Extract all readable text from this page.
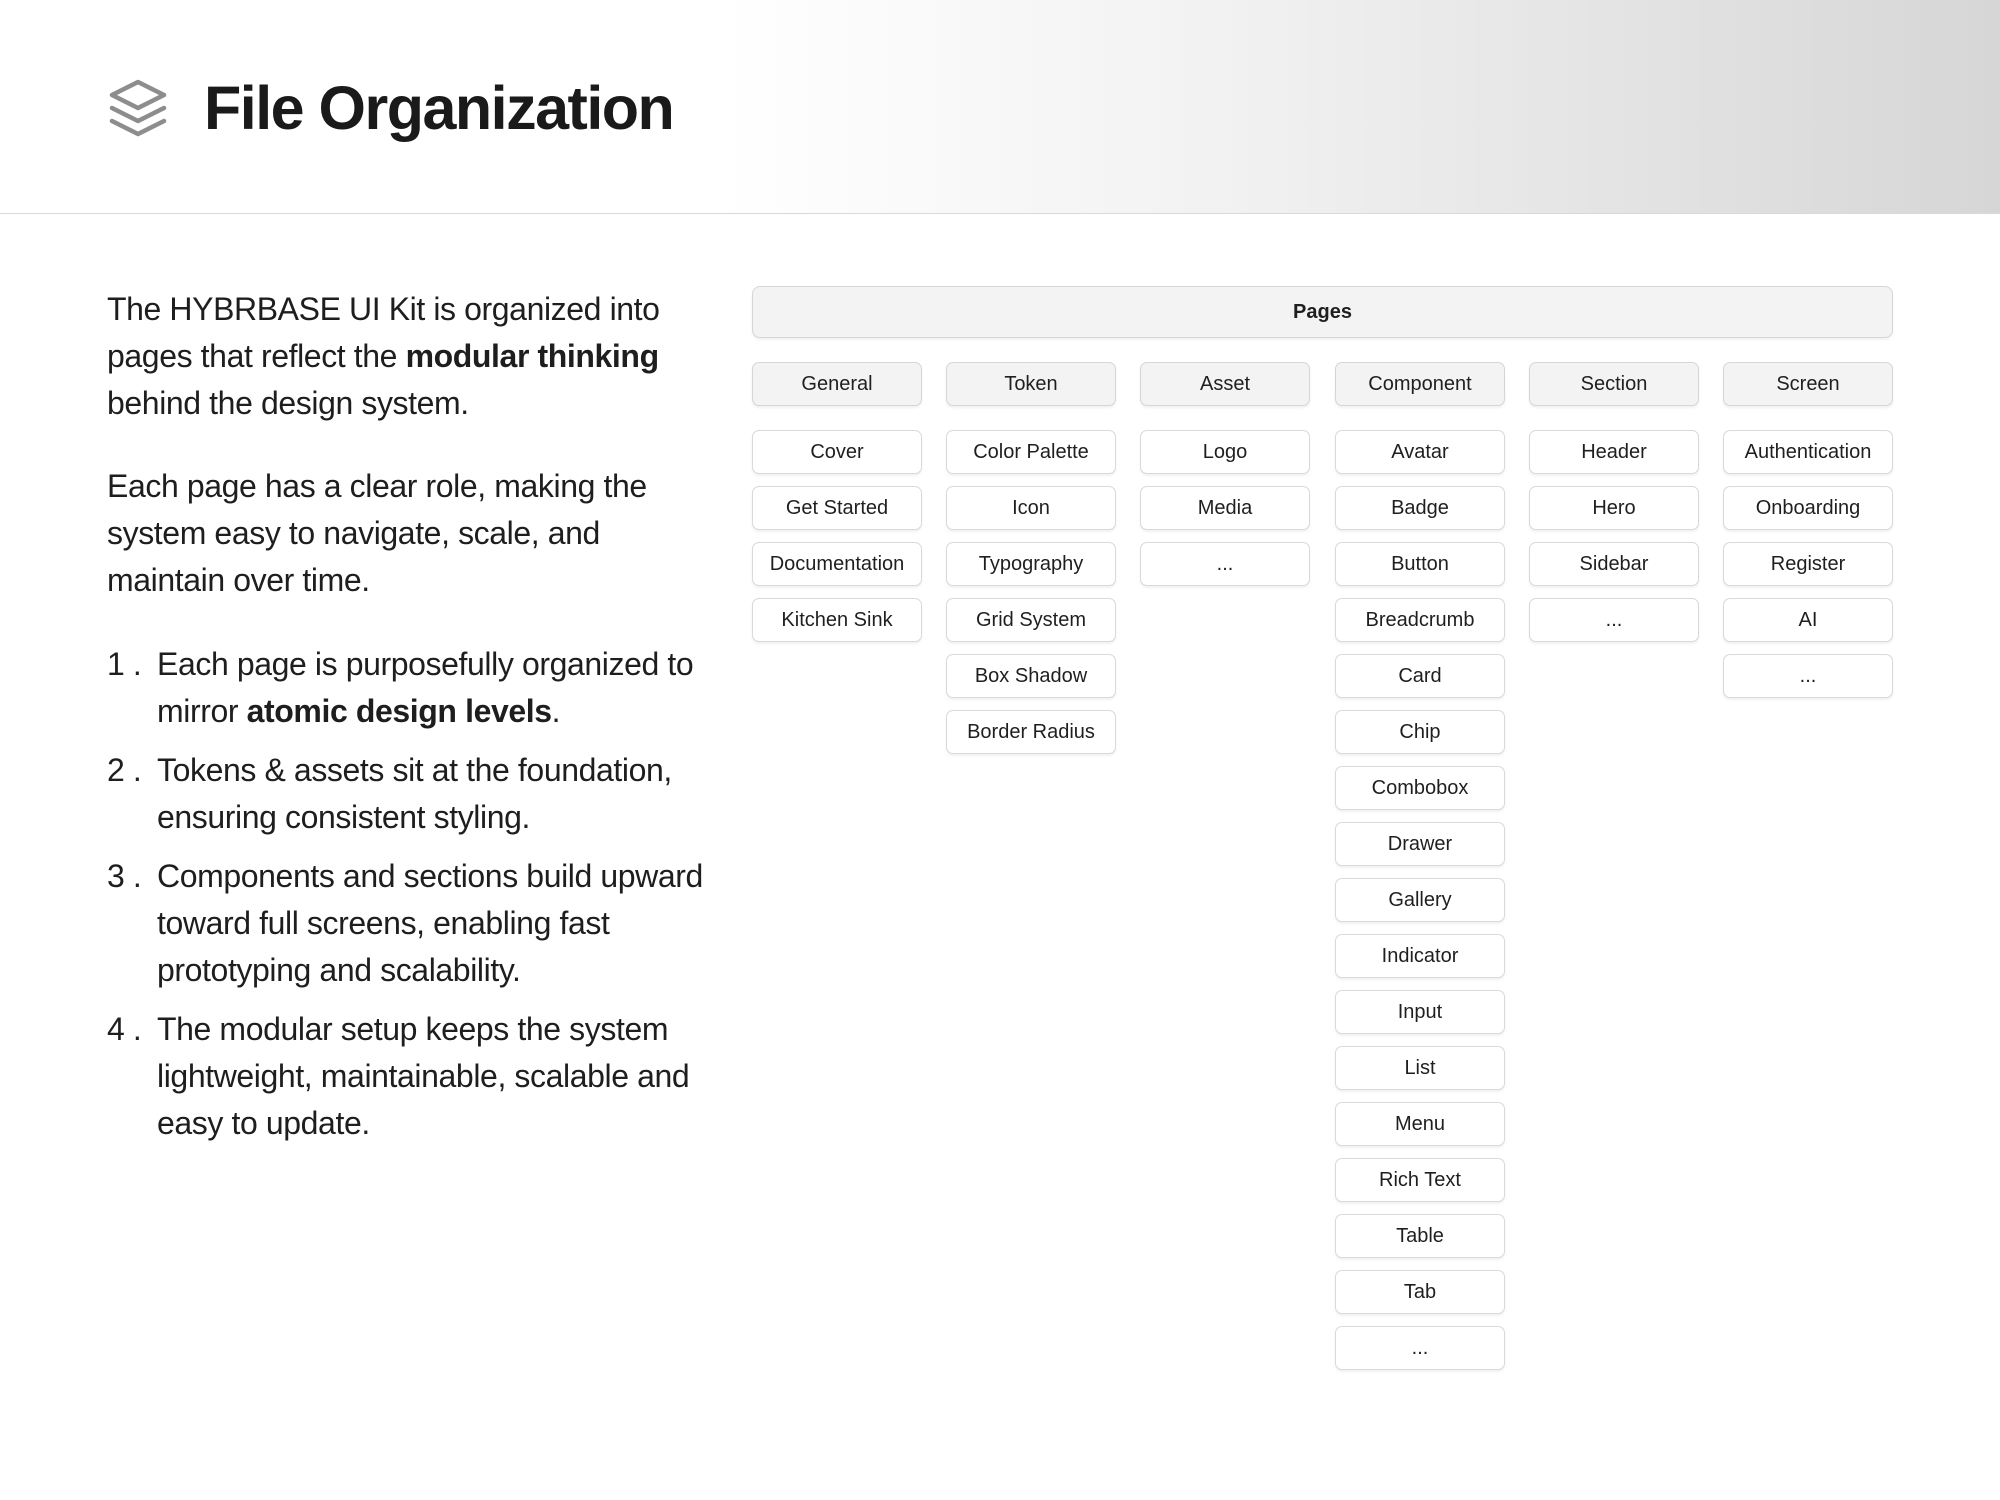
File Organization

The HYBRBASE UI Kit is organized into pages that reflect the modular thinking behind the design system.

Each page has a clear role, making the system easy to navigate, scale, and maintain over time.

1 . Each page is purposefully organized to mirror atomic design levels.
2 . Tokens & assets sit at the foundation, ensuring consistent styling.
3 . Components and sections build upward toward full screens, enabling fast prototyping and scalability.
4 . The modular setup keeps the system lightweight, maintainable, scalable and easy to update.
Pages
General
Cover
Get Started
Documentation
Kitchen Sink
Token
Color Palette
Icon
Typography
Grid System
Box Shadow
Border Radius
Asset
Logo
Media
...
Component
Avatar
Badge
Button
Breadcrumb
Card
Chip
Combobox
Drawer
Gallery
Indicator
Input
List
Menu
Rich Text
Table
Tab
...
Section
Header
Hero
Sidebar
...
Screen
Authentication
Onboarding
Register
AI
...
